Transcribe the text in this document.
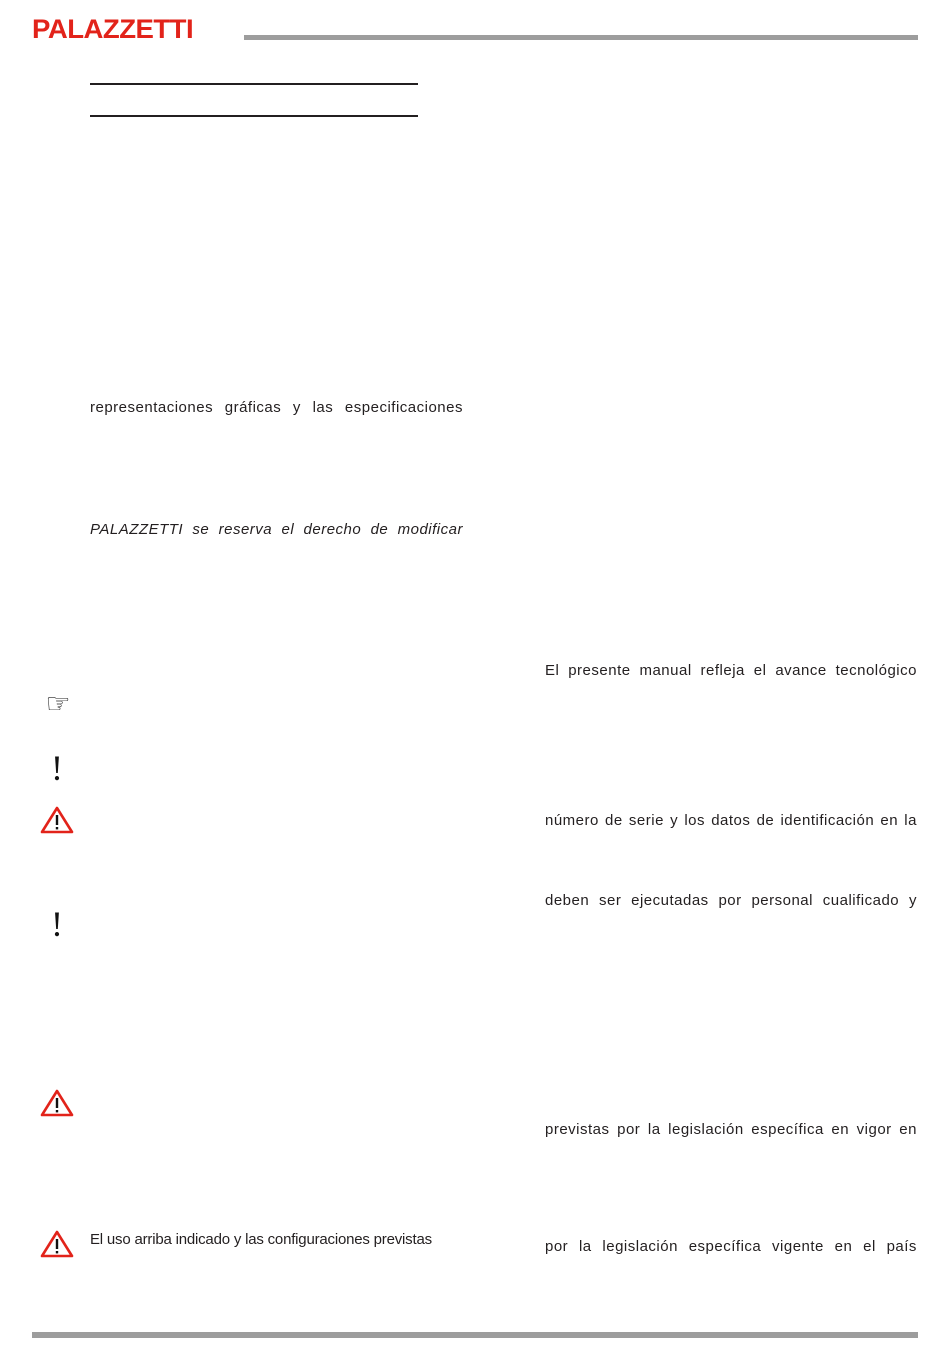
PALAZZETTI
representaciones gráficas y las especificaciones
PALAZZETTI se reserva el derecho de modificar
El uso arriba indicado y las configuraciones previstas
El presente manual refleja el avance tecnológico
número de serie y los datos de identificación en la
deben ser ejecutadas por personal cualificado y
previstas por la legislación específica en vigor en
por la legislación específica vigente en el país
☞
!
!
